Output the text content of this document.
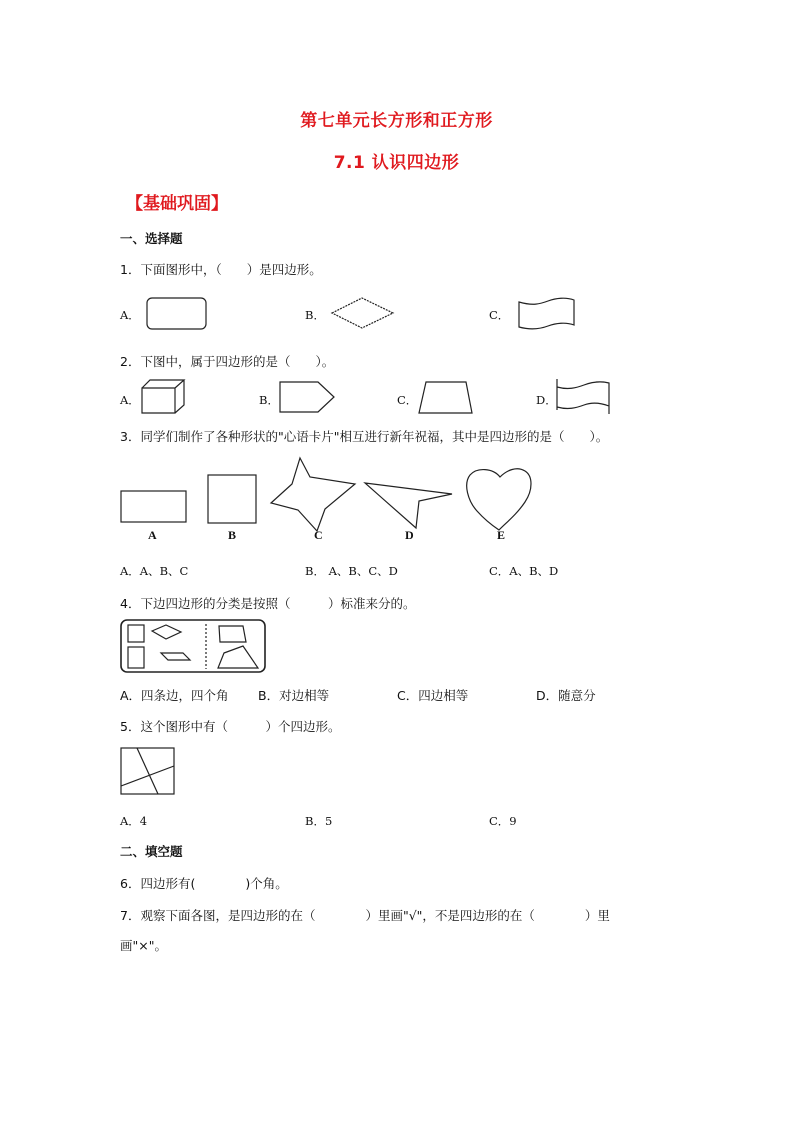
第七单元长方形和正方形
7.1 认识四边形
【基础巩固】
一、选择题
1．下面图形中，（　　）是四边形。
A．	B．	C．
2．下图中，属于四边形的是（　　）。
A．	B．	C．	D．
3．同学们制作了各种形状的"心语卡片"相互进行新年祝福，其中是四边形的是（　　）。
A	B	C	D	E
A．A、B、C	B． A、B、C、D	C．A、B、D
4．下边四边形的分类是按照（　　　）标准来分的。
A．四条边，四个角 B．对边相等	C．四边相等	D．随意分
5．这个图形中有（　　　）个四边形。
A．4	B．5	C．9
二、填空题
6．四边形有(　　　　)个角。
7．观察下面各图，是四边形的在（　　　　）里画"√"，不是四边形的在（　　　　）里
画"×"。
